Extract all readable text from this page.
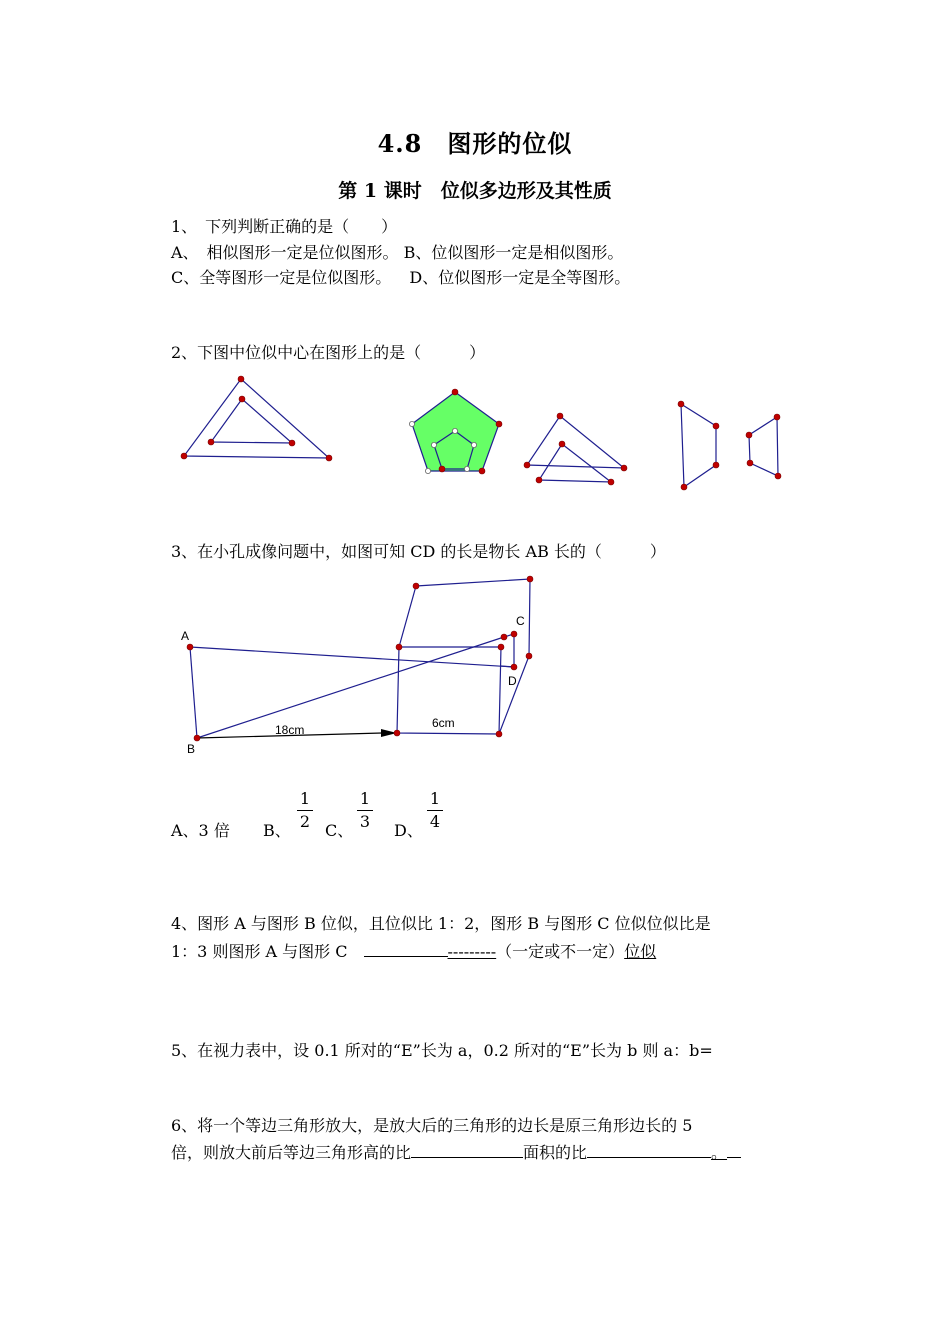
4.8　图形的位似
第 1 课时　位似多边形及其性质
1、　下列判断正确的是（　　）
A、　相似图形一定是位似图形。 B、位似图形一定是相似图形。
C、全等图形一定是位似图形。　  D、位似图形一定是全等图形。
2、下图中位似中心在图形上的是（　　　）
A
B
C
D
18cm	6cm
3、在小孔成像问题中，如图可知 CD 的长是物长 AB 长的（　　　）
A、3 倍 B、
1
2 C、
1
3 D、
1
4
4、图形 A 与图形 B 位似，且位似比 1：2，图形 B 与图形 C 位似位似比是
1：3 则图形 A 与图形 C　	---------（一定或不一定）位似
5、在视力表中，设 0.1 所对的“E”长为 a，0.2 所对的“E”长为 b 则 a：b=
6、将一个等边三角形放大，是放大后的三角形的边长是原三角形边长的 5
倍，则放大前后等边三角形高的比	面积的比	。
